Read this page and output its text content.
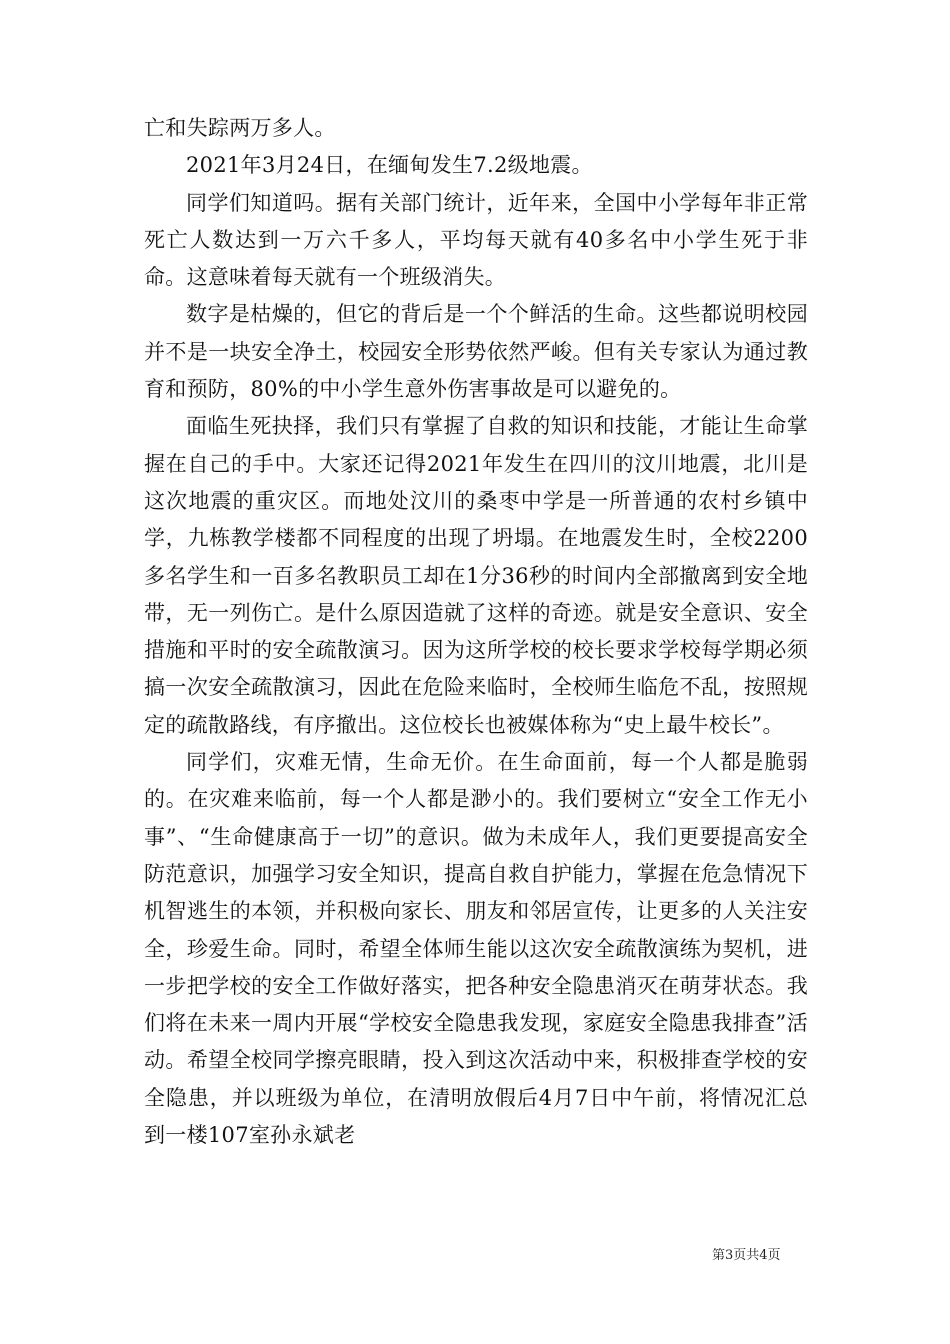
亡和失踪两万多人。

2021年3月24日，在缅甸发生7.2级地震。

同学们知道吗。据有关部门统计，近年来，全国中小学每年非正常死亡人数达到一万六千多人，平均每天就有40多名中小学生死于非命。这意味着每天就有一个班级消失。

数字是枯燥的，但它的背后是一个个鲜活的生命。这些都说明校园并不是一块安全净土，校园安全形势依然严峻。但有关专家认为通过教育和预防，80%的中小学生意外伤害事故是可以避免的。

面临生死抉择，我们只有掌握了自救的知识和技能，才能让生命掌握在自己的手中。大家还记得2021年发生在四川的汶川地震，北川是这次地震的重灾区。而地处汶川的桑枣中学是一所普通的农村乡镇中学，九栋教学楼都不同程度的出现了坍塌。在地震发生时，全校2200多名学生和一百多名教职员工却在1分36秒的时间内全部撤离到安全地带，无一列伤亡。是什么原因造就了这样的奇迹。就是安全意识、安全措施和平时的安全疏散演习。因为这所学校的校长要求学校每学期必须搞一次安全疏散演习，因此在危险来临时，全校师生临危不乱，按照规定的疏散路线，有序撤出。这位校长也被媒体称为“史上最牛校长”。

同学们，灾难无情，生命无价。在生命面前，每一个人都是脆弱的。在灾难来临前，每一个人都是渺小的。我们要树立“安全工作无小事”、“生命健康高于一切”的意识。做为未成年人，我们更要提高安全防范意识，加强学习安全知识，提高自救自护能力，掌握在危急情况下机智逃生的本领，并积极向家长、朋友和邻居宣传，让更多的人关注安全，珍爱生命。同时，希望全体师生能以这次安全疏散演练为契机，进一步把学校的安全工作做好落实，把各种安全隐患消灭在萌芽状态。我们将在未来一周内开展“学校安全隐患我发现，家庭安全隐患我排查”活动。希望全校同学擦亮眼睛，投入到这次活动中来，积极排查学校的安全隐患，并以班级为单位，在清明放假后4月7日中午前，将情况汇总到一楼107室孙永斌老

第3页共4页
